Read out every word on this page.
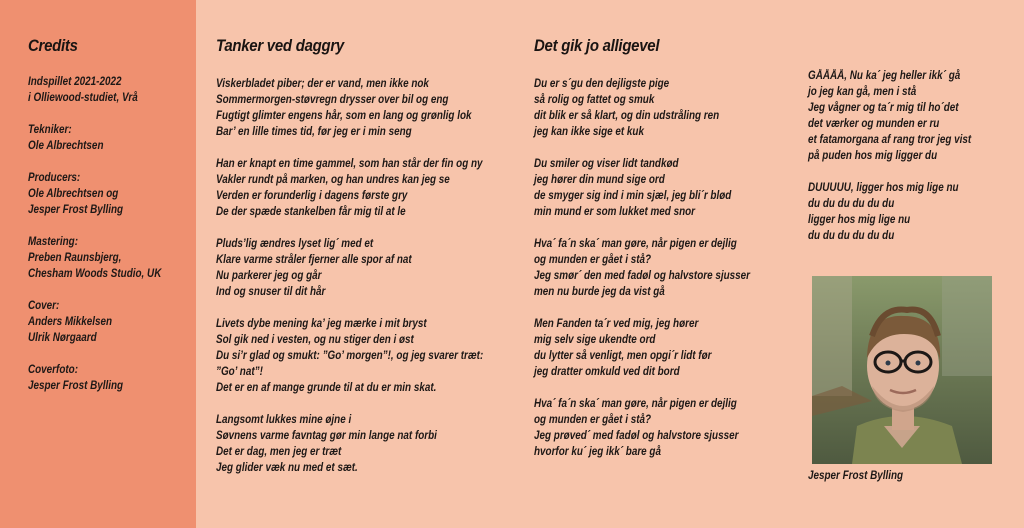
Credits
Indspillet 2021-2022
i Olliewood-studiet, Vrå
Tekniker:
Ole Albrechtsen
Producers:
Ole Albrechtsen og
Jesper Frost Bylling
Mastering:
Preben Raunsbjerg,
Chesham Woods Studio, UK
Cover:
Anders Mikkelsen
Ulrik Nørgaard
Coverfoto:
Jesper Frost Bylling
Tanker ved daggry
Viskerbladet piber; der er vand, men ikke nok
Sommermorgen-støvregn drysser over bil og eng
Fugtigt glimter engens hår, som en lang og grønlig lok
Bar’ en lille times tid, før jeg er i min seng
Han er knapt en time gammel, som han står der fin og ny
Vakler rundt på marken, og han undres kan jeg se
Verden er forunderlig i dagens første gry
De der spæde stankelben får mig til at le
Pluds’lig ændres lyset lig´ med et
Klare varme stråler fjerner alle spor af nat
Nu parkerer jeg og går
Ind og snuser til dit hår
Livets dybe mening ka’ jeg mærke i mit bryst
Sol gik ned i vesten, og nu stiger den i øst
Du si’r glad og smukt: ”Go’ morgen”!, og jeg svarer træt:
”Go’ nat”!
Det er en af mange grunde til at du er min skat.
Langsomt lukkes mine øjne i
Søvnens varme favntag gør min lange nat forbi
Det er dag, men jeg er træt
Jeg glider væk nu med et sæt.
Det gik jo alligevel
Du er s´gu den dejligste pige
så rolig og fattet og smuk
dit blik er så klart, og din udstråling ren
jeg kan ikke sige et kuk
Du smiler og viser lidt tandkød
jeg hører din mund sige ord
de smyger sig ind i min sjæl, jeg bli´r blød
min mund er som lukket med snor
Hva´ fa´n ska´ man gøre, når pigen er dejlig
og munden er gået i stå?
Jeg smør´ den med fadøl og halvstore sjusser
men nu burde jeg da vist gå
Men Fanden ta´r ved mig, jeg hører
mig selv sige ukendte ord
du lytter så venligt, men opgi´r lidt før
jeg dratter omkuld ved dit bord
Hva´ fa´n ska´ man gøre, når pigen er dejlig
og munden er gået i stå?
Jeg prøved´ med fadøl og halvstore sjusser
hvorfor ku´ jeg ikk´ bare gå
GÅÅÅÅ, Nu ka´ jeg heller ikk´ gå
jo jeg kan gå, men i stå
Jeg vågner og ta´r mig til ho´det
det værker og munden er ru
et fatamorgana af rang tror jeg vist
på puden hos mig ligger du
DUUUUU, ligger hos mig lige nu
du du du du du du
ligger hos mig lige nu
du du du du du du
Jesper Frost Bylling
